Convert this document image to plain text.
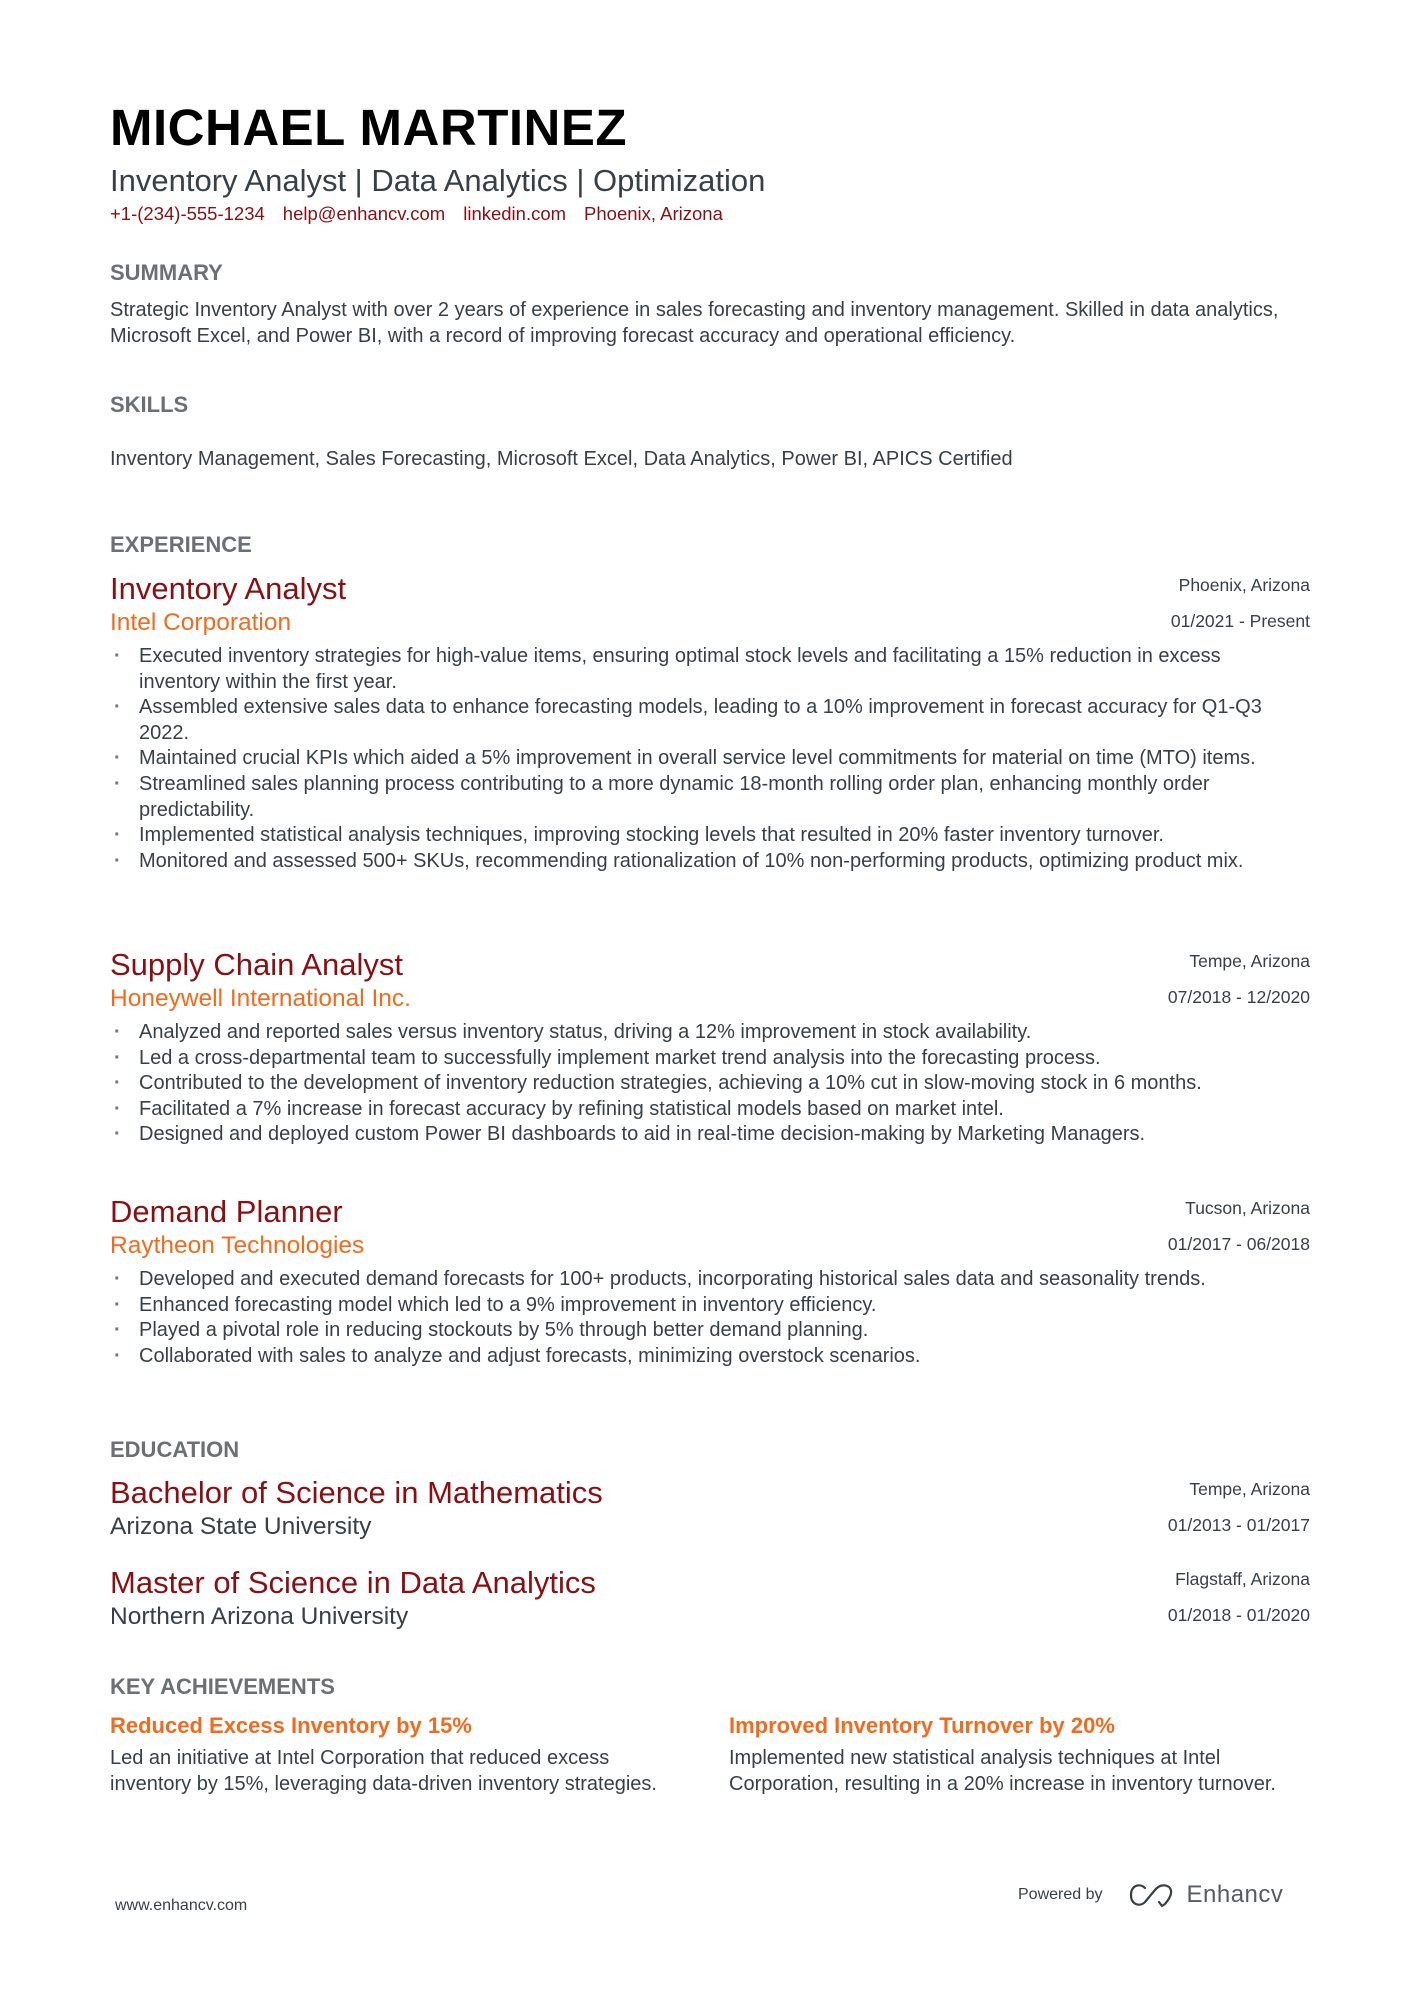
MICHAEL MARTINEZ
Inventory Analyst | Data Analytics | Optimization
+1-(234)-555-1234 help@enhancv.com linkedin.com Phoenix, Arizona
SUMMARY
Strategic Inventory Analyst with over 2 years of experience in sales forecasting and inventory management. Skilled in data analytics, Microsoft Excel, and Power BI, with a record of improving forecast accuracy and operational efficiency.
SKILLS
Inventory Management, Sales Forecasting, Microsoft Excel, Data Analytics, Power BI, APICS Certified
EXPERIENCE
Inventory Analyst
Intel Corporation
Phoenix, Arizona
01/2021 - Present
· Executed inventory strategies for high-value items, ensuring optimal stock levels and facilitating a 15% reduction in excess inventory within the first year.
· Assembled extensive sales data to enhance forecasting models, leading to a 10% improvement in forecast accuracy for Q1-Q3 2022.
· Maintained crucial KPIs which aided a 5% improvement in overall service level commitments for material on time (MTO) items.
· Streamlined sales planning process contributing to a more dynamic 18-month rolling order plan, enhancing monthly order predictability.
· Implemented statistical analysis techniques, improving stocking levels that resulted in 20% faster inventory turnover.
· Monitored and assessed 500+ SKUs, recommending rationalization of 10% non-performing products, optimizing product mix.
Supply Chain Analyst
Honeywell International Inc.
Tempe, Arizona
07/2018 - 12/2020
· Analyzed and reported sales versus inventory status, driving a 12% improvement in stock availability.
· Led a cross-departmental team to successfully implement market trend analysis into the forecasting process.
· Contributed to the development of inventory reduction strategies, achieving a 10% cut in slow-moving stock in 6 months.
· Facilitated a 7% increase in forecast accuracy by refining statistical models based on market intel.
· Designed and deployed custom Power BI dashboards to aid in real-time decision-making by Marketing Managers.
Demand Planner
Raytheon Technologies
Tucson, Arizona
01/2017 - 06/2018
· Developed and executed demand forecasts for 100+ products, incorporating historical sales data and seasonality trends.
· Enhanced forecasting model which led to a 9% improvement in inventory efficiency.
· Played a pivotal role in reducing stockouts by 5% through better demand planning.
· Collaborated with sales to analyze and adjust forecasts, minimizing overstock scenarios.
EDUCATION
Bachelor of Science in Mathematics
Arizona State University
Tempe, Arizona
01/2013 - 01/2017
Master of Science in Data Analytics
Northern Arizona University
Flagstaff, Arizona
01/2018 - 01/2020
KEY ACHIEVEMENTS
Reduced Excess Inventory by 15%
Led an initiative at Intel Corporation that reduced excess inventory by 15%, leveraging data-driven inventory strategies.
Improved Inventory Turnover by 20%
Implemented new statistical analysis techniques at Intel Corporation, resulting in a 20% increase in inventory turnover.
www.enhancv.com
Powered by	Enhancv
